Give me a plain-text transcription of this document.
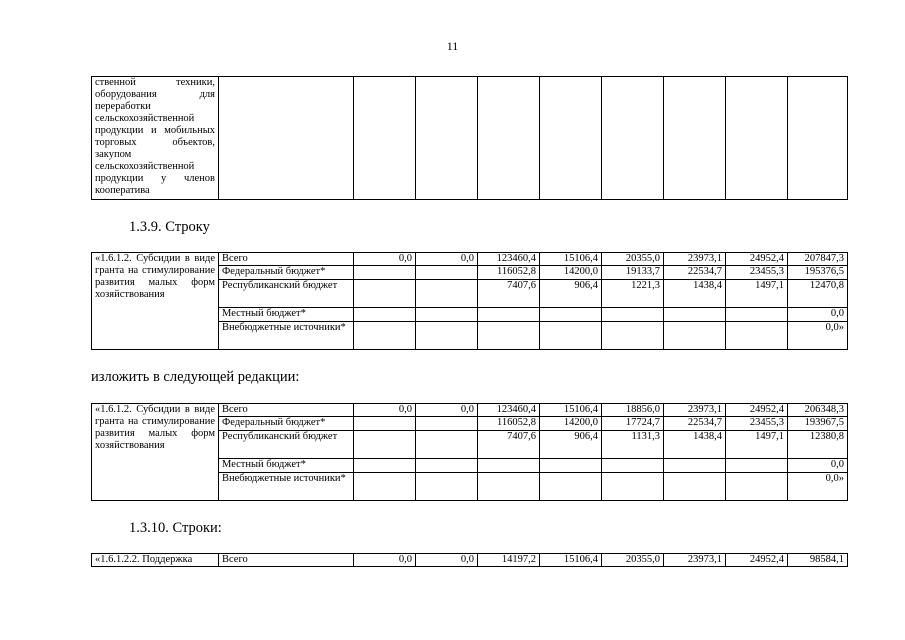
11
ственной техники, оборудования для переработки сельскохозяйственной продукции и мобильных торговых объектов, закупом сельскохозяйственной продукции у членов кооператива									
1.3.9. Строку
«1.6.1.2. Субсидии в виде гранта на стимулирование развития малых форм хозяйствования	Всего	0,0	0,0	123460,4	15106,4	20355,0	23973,1	24952,4	207847,3
	Федеральный бюджет*			116052,8	14200,0	19133,7	22534,7	23455,3	195376,5
	Республиканский бюджет			7407,6	906,4	1221,3	1438,4	1497,1	12470,8
	Местный бюджет*								0,0
	Внебюджетные источники*								0,0»
изложить в следующей редакции:
«1.6.1.2. Субсидии в виде гранта на стимулирование развития малых форм хозяйствования	Всего	0,0	0,0	123460,4	15106,4	18856,0	23973,1	24952,4	206348,3
	Федеральный бюджет*			116052,8	14200,0	17724,7	22534,7	23455,3	193967,5
	Республиканский бюджет			7407,6	906,4	1131,3	1438,4	1497,1	12380,8
	Местный бюджет*								0,0
	Внебюджетные источники*								0,0»
1.3.10. Строки:
«1.6.1.2.2. Поддержка	Всего	0,0	0,0	14197,2	15106,4	20355,0	23973,1	24952,4	98584,1
